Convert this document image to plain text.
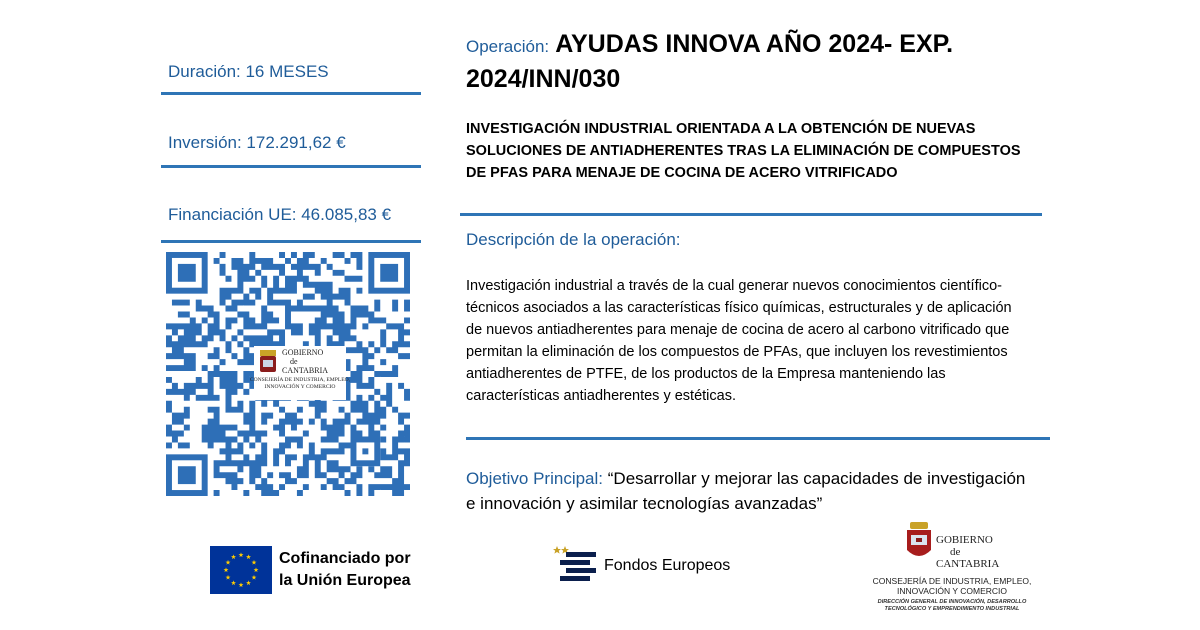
Duración: 16 MESES
Inversión: 172.291,62 €
Financiación UE: 46.085,83 €
GOBIERNO
de
CANTABRIA
CONSEJERÍA DE INDUSTRIA, EMPLEO,
INNOVACIÓN Y COMERCIO
Operación: AYUDAS INNOVA AÑO 2024- EXP.
2024/INN/030
INVESTIGACIÓN INDUSTRIAL ORIENTADA A LA OBTENCIÓN DE NUEVAS SOLUCIONES DE ANTIADHERENTES TRAS LA ELIMINACIÓN DE COMPUESTOS DE PFAS PARA MENAJE DE COCINA DE ACERO VITRIFICADO
Descripción de la operación:
Investigación industrial a través de la cual generar nuevos conocimientos científico-técnicos asociados a las características físico químicas, estructurales y de aplicación de nuevos antiadherentes para menaje de cocina de acero al carbono vitrificado que permitan la eliminación de los compuestos de PFAs, que incluyen los revestimientos antiadherentes de PTFE, de los productos de la Empresa manteniendo las características antiadherentes y estéticas.
Objetivo Principal: “Desarrollar y mejorar las capacidades de investigación e innovación y asimilar tecnologías avanzadas”
Cofinanciado por
la Unión Europea
Fondos Europeos
GOBIERNO
de
CANTABRIA
CONSEJERÍA DE INDUSTRIA, EMPLEO,
INNOVACIÓN Y COMERCIO
DIRECCIÓN GENERAL DE INNOVACIÓN, DESARROLLO
TECNOLÓGICO Y EMPRENDIMIENTO INDUSTRIAL
